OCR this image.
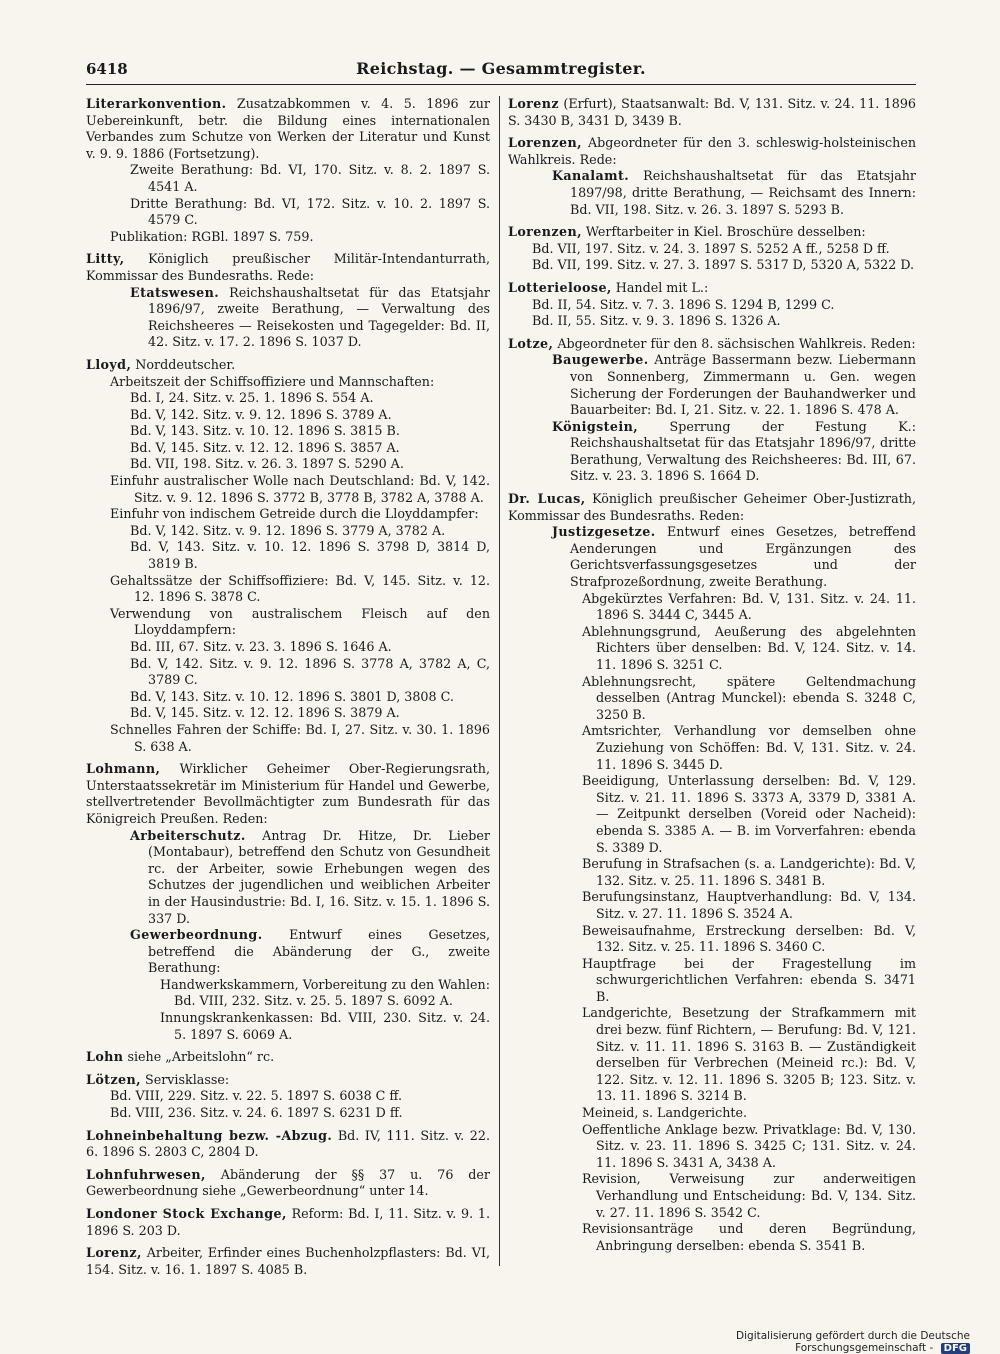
6418	Reichstag. — Gesammtregister.

Literarkonvention. Zusatzabkommen v. 4. 5. 1896 zur Uebereinkunft, betr. die Bildung eines internationalen Verbandes zum Schutze von Werken der Literatur und Kunst v. 9. 9. 1886 (Fortsetzung).

Zweite Berathung: Bd. VI, 170. Sitz. v. 8. 2. 1897 S. 4541 A.

Dritte Berathung: Bd. VI, 172. Sitz. v. 10. 2. 1897 S. 4579 C.

Publikation: RGBl. 1897 S. 759.

Litty, Königlich preußischer Militär-Intendanturrath, Kommissar des Bundesraths. Rede:

Etatswesen. Reichshaushaltsetat für das Etatsjahr 1896/97, zweite Berathung, — Verwaltung des Reichsheeres — Reisekosten und Tagegelder: Bd. II, 42. Sitz. v. 17. 2. 1896 S. 1037 D.

Lloyd, Norddeutscher.

Arbeitszeit der Schiffsoffiziere und Mannschaften:

Bd. I, 24. Sitz. v. 25. 1. 1896 S. 554 A.

Bd. V, 142. Sitz. v. 9. 12. 1896 S. 3789 A.

Bd. V, 143. Sitz. v. 10. 12. 1896 S. 3815 B.

Bd. V, 145. Sitz. v. 12. 12. 1896 S. 3857 A.

Bd. VII, 198. Sitz. v. 26. 3. 1897 S. 5290 A.

Einfuhr australischer Wolle nach Deutschland: Bd. V, 142. Sitz. v. 9. 12. 1896 S. 3772 B, 3778 B, 3782 A, 3788 A.

Einfuhr von indischem Getreide durch die Lloyddampfer:

Bd. V, 142. Sitz. v. 9. 12. 1896 S. 3779 A, 3782 A.

Bd. V, 143. Sitz. v. 10. 12. 1896 S. 3798 D, 3814 D, 3819 B.

Gehaltssätze der Schiffsoffiziere: Bd. V, 145. Sitz. v. 12. 12. 1896 S. 3878 C.

Verwendung von australischem Fleisch auf den Lloyddampfern:

Bd. III, 67. Sitz. v. 23. 3. 1896 S. 1646 A.

Bd. V, 142. Sitz. v. 9. 12. 1896 S. 3778 A, 3782 A, C, 3789 C.

Bd. V, 143. Sitz. v. 10. 12. 1896 S. 3801 D, 3808 C.

Bd. V, 145. Sitz. v. 12. 12. 1896 S. 3879 A.

Schnelles Fahren der Schiffe: Bd. I, 27. Sitz. v. 30. 1. 1896 S. 638 A.

Lohmann, Wirklicher Geheimer Ober-Regierungsrath, Unterstaatssekretär im Ministerium für Handel und Gewerbe, stellvertretender Bevollmächtigter zum Bundesrath für das Königreich Preußen. Reden:

Arbeiterschutz. Antrag Dr. Hitze, Dr. Lieber (Montabaur), betreffend den Schutz von Gesundheit rc. der Arbeiter, sowie Erhebungen wegen des Schutzes der jugendlichen und weiblichen Arbeiter in der Hausindustrie: Bd. I, 16. Sitz. v. 15. 1. 1896 S. 337 D.

Gewerbeordnung. Entwurf eines Gesetzes, betreffend die Abänderung der G., zweite Berathung:

Handwerkskammern, Vorbereitung zu den Wahlen: Bd. VIII, 232. Sitz. v. 25. 5. 1897 S. 6092 A.

Innungskrankenkassen: Bd. VIII, 230. Sitz. v. 24. 5. 1897 S. 6069 A.

Lohn siehe „Arbeitslohn“ rc.

Lötzen, Servisklasse:

Bd. VIII, 229. Sitz. v. 22. 5. 1897 S. 6038 C ff.

Bd. VIII, 236. Sitz. v. 24. 6. 1897 S. 6231 D ff.

Lohneinbehaltung bezw. -Abzug. Bd. IV, 111. Sitz. v. 22. 6. 1896 S. 2803 C, 2804 D.

Lohnfuhrwesen, Abänderung der §§ 37 u. 76 der Gewerbeordnung siehe „Gewerbeordnung“ unter 14.

Londoner Stock Exchange, Reform: Bd. I, 11. Sitz. v. 9. 1. 1896 S. 203 D.

Lorenz, Arbeiter, Erfinder eines Buchenholzpflasters: Bd. VI, 154. Sitz. v. 16. 1. 1897 S. 4085 B.

Lorenz (Erfurt), Staatsanwalt: Bd. V, 131. Sitz. v. 24. 11. 1896 S. 3430 B, 3431 D, 3439 B.

Lorenzen, Abgeordneter für den 3. schleswig-holsteinischen Wahlkreis. Rede:

Kanalamt. Reichshaushaltsetat für das Etatsjahr 1897/98, dritte Berathung, — Reichsamt des Innern: Bd. VII, 198. Sitz. v. 26. 3. 1897 S. 5293 B.

Lorenzen, Werftarbeiter in Kiel. Broschüre desselben:

Bd. VII, 197. Sitz. v. 24. 3. 1897 S. 5252 A ff., 5258 D ff.

Bd. VII, 199. Sitz. v. 27. 3. 1897 S. 5317 D, 5320 A, 5322 D.

Lotterieloose, Handel mit L.:

Bd. II, 54. Sitz. v. 7. 3. 1896 S. 1294 B, 1299 C.

Bd. II, 55. Sitz. v. 9. 3. 1896 S. 1326 A.

Lotze, Abgeordneter für den 8. sächsischen Wahlkreis. Reden:

Baugewerbe. Anträge Bassermann bezw. Liebermann von Sonnenberg, Zimmermann u. Gen. wegen Sicherung der Forderungen der Bauhandwerker und Bauarbeiter: Bd. I, 21. Sitz. v. 22. 1. 1896 S. 478 A.

Königstein, Sperrung der Festung K.: Reichshaushaltsetat für das Etatsjahr 1896/97, dritte Berathung, Verwaltung des Reichsheeres: Bd. III, 67. Sitz. v. 23. 3. 1896 S. 1664 D.

Dr. Lucas, Königlich preußischer Geheimer Ober-Justizrath, Kommissar des Bundesraths. Reden:

Justizgesetze. Entwurf eines Gesetzes, betreffend Aenderungen und Ergänzungen des Gerichtsverfassungsgesetzes und der Strafprozeßordnung, zweite Berathung.

Abgekürztes Verfahren: Bd. V, 131. Sitz. v. 24. 11. 1896 S. 3444 C, 3445 A.

Ablehnungsgrund, Aeußerung des abgelehnten Richters über denselben: Bd. V, 124. Sitz. v. 14. 11. 1896 S. 3251 C.

Ablehnungsrecht, spätere Geltendmachung desselben (Antrag Munckel): ebenda S. 3248 C, 3250 B.

Amtsrichter, Verhandlung vor demselben ohne Zuziehung von Schöffen: Bd. V, 131. Sitz. v. 24. 11. 1896 S. 3445 D.

Beeidigung, Unterlassung derselben: Bd. V, 129. Sitz. v. 21. 11. 1896 S. 3373 A, 3379 D, 3381 A. — Zeitpunkt derselben (Voreid oder Nacheid): ebenda S. 3385 A. — B. im Vorverfahren: ebenda S. 3389 D.

Berufung in Strafsachen (s. a. Landgerichte): Bd. V, 132. Sitz. v. 25. 11. 1896 S. 3481 B.

Berufungsinstanz, Hauptverhandlung: Bd. V, 134. Sitz. v. 27. 11. 1896 S. 3524 A.

Beweisaufnahme, Erstreckung derselben: Bd. V, 132. Sitz. v. 25. 11. 1896 S. 3460 C.

Hauptfrage bei der Fragestellung im schwurgerichtlichen Verfahren: ebenda S. 3471 B.

Landgerichte, Besetzung der Strafkammern mit drei bezw. fünf Richtern, — Berufung: Bd. V, 121. Sitz. v. 11. 11. 1896 S. 3163 B. — Zuständigkeit derselben für Verbrechen (Meineid rc.): Bd. V, 122. Sitz. v. 12. 11. 1896 S. 3205 B; 123. Sitz. v. 13. 11. 1896 S. 3214 B.

Meineid, s. Landgerichte.

Oeffentliche Anklage bezw. Privatklage: Bd. V, 130. Sitz. v. 23. 11. 1896 S. 3425 C; 131. Sitz. v. 24. 11. 1896 S. 3431 A, 3438 A.

Revision, Verweisung zur anderweitigen Verhandlung und Entscheidung: Bd. V, 134. Sitz. v. 27. 11. 1896 S. 3542 C.

Revisionsanträge und deren Begründung, Anbringung derselben: ebenda S. 3541 B.

Digitalisierung gefördert durch die Deutsche Forschungsgemeinschaft - DFG
